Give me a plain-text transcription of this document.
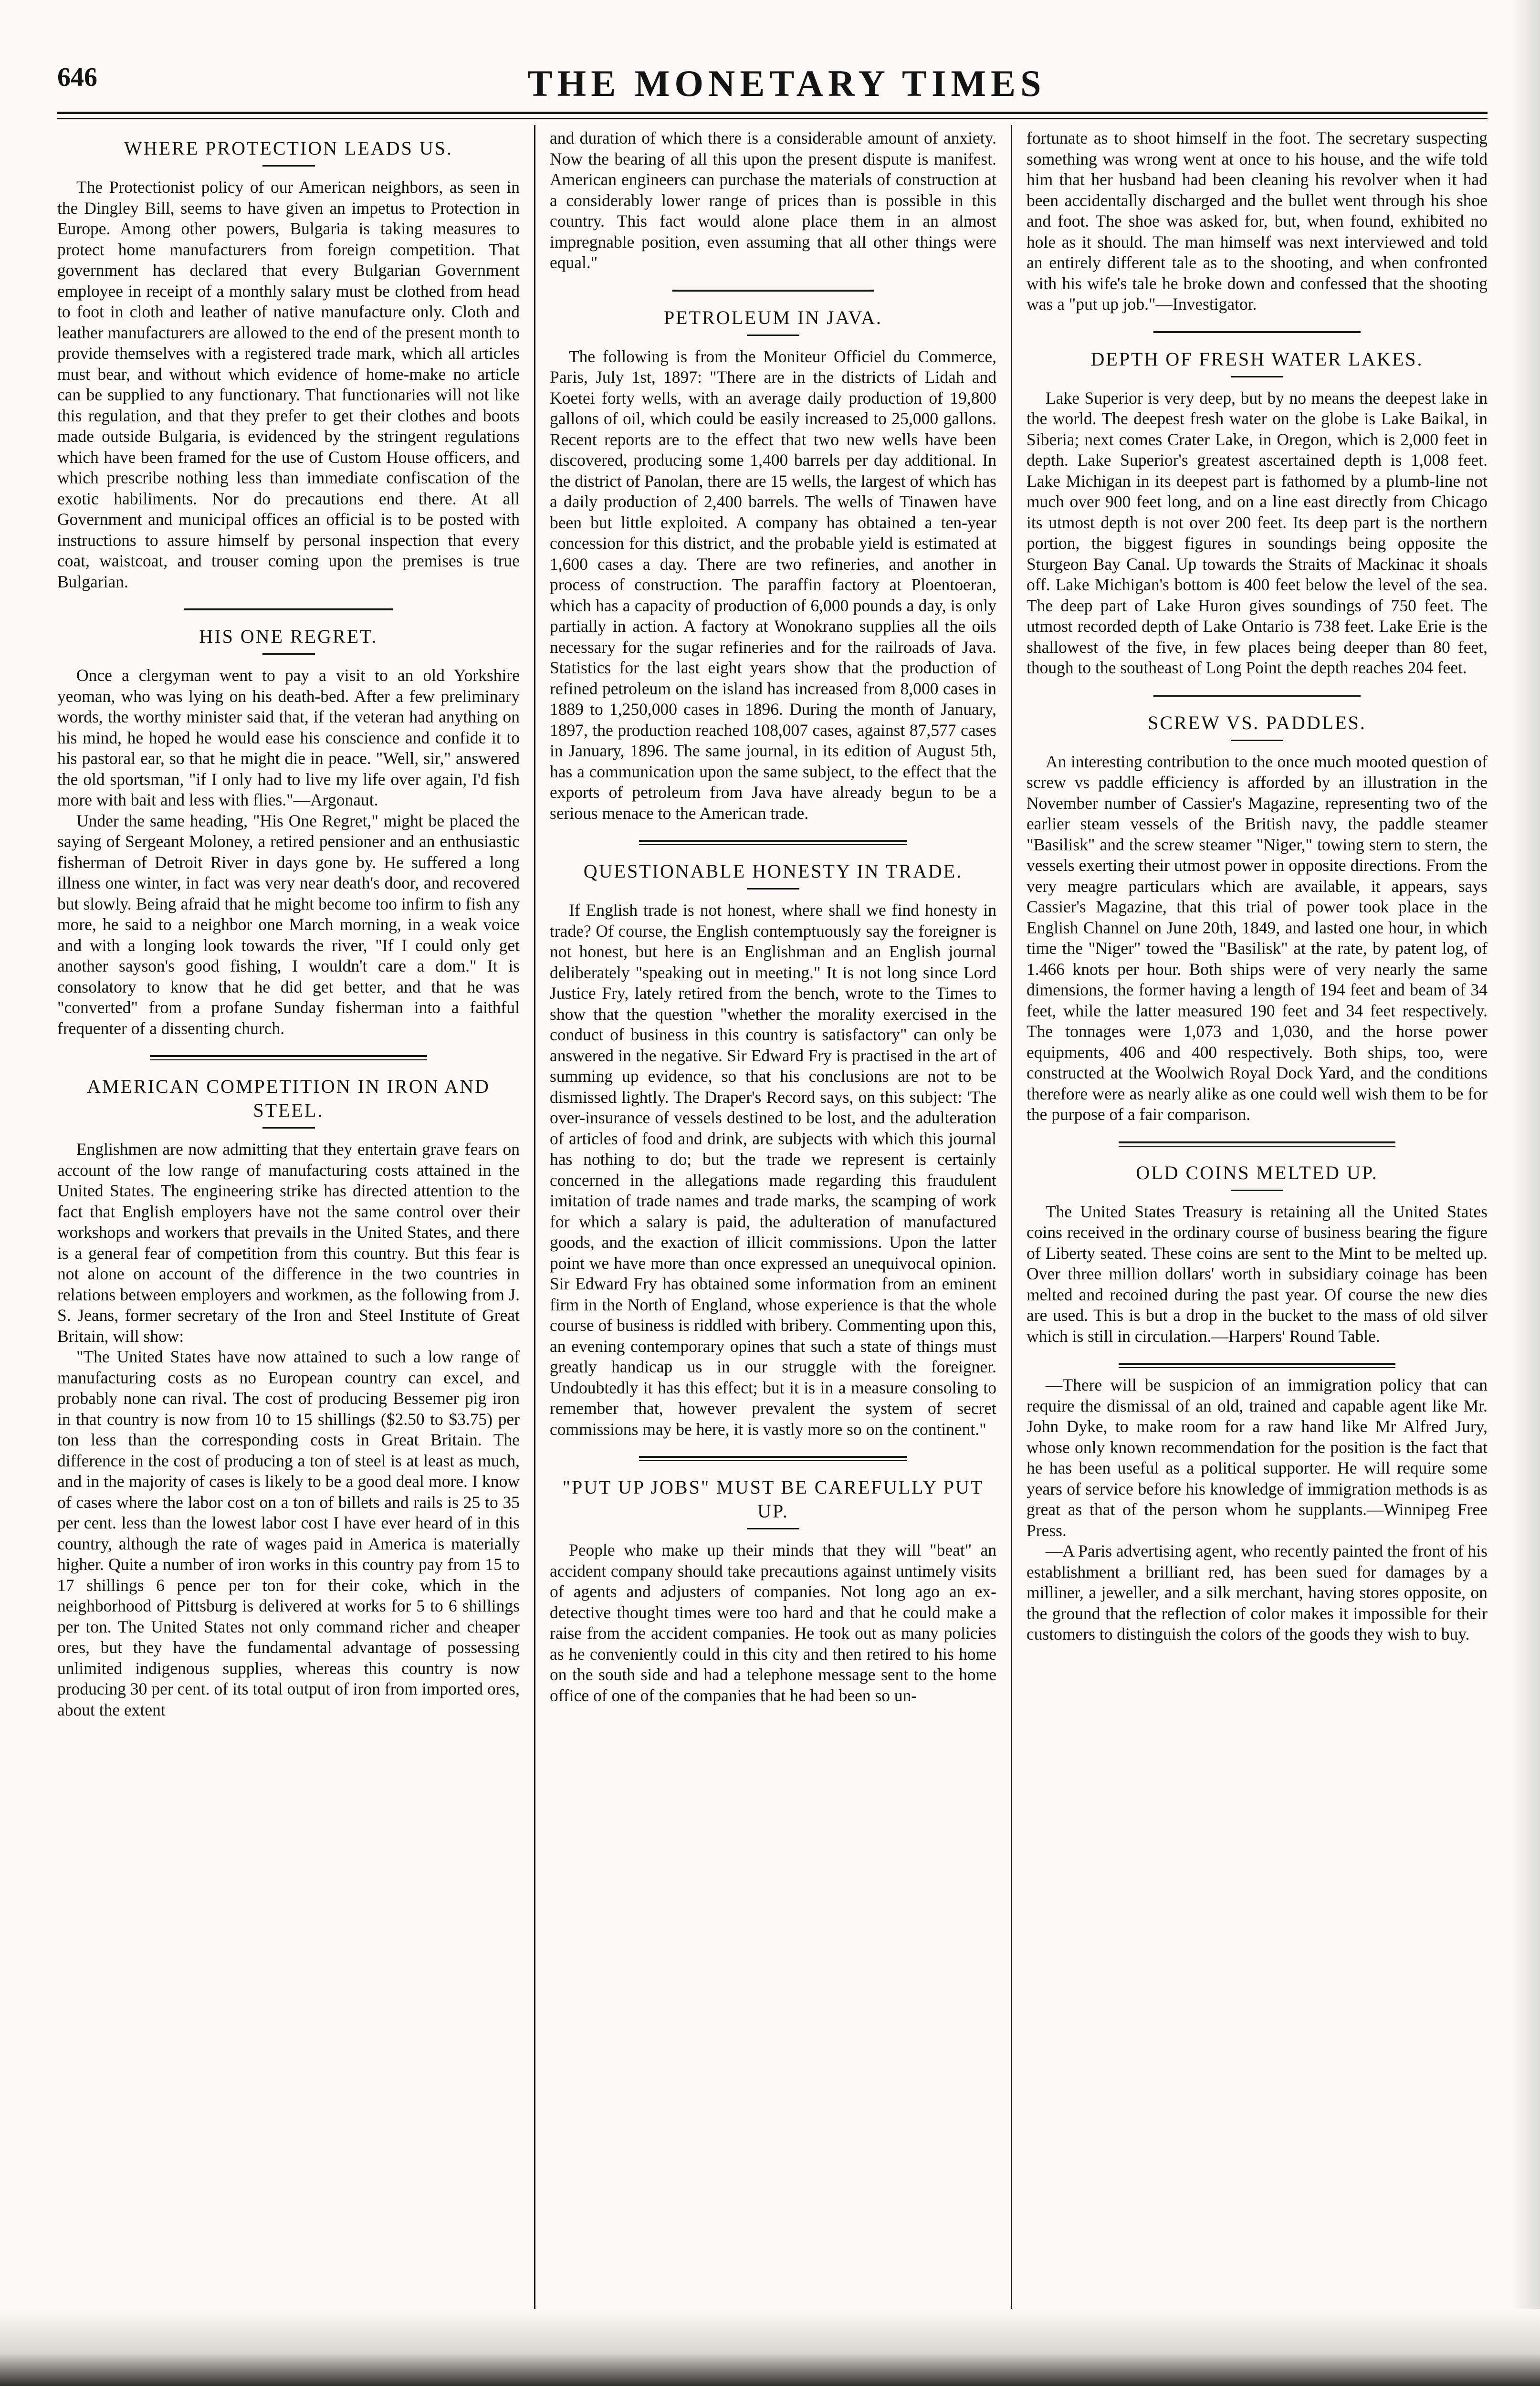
646	THE MONETARY TIMES
WHERE PROTECTION LEADS US.

The Protectionist policy of our American neighbors, as seen in the Dingley Bill, seems to have given an impetus to Protection in Europe. Among other powers, Bulgaria is taking measures to protect home manufacturers from foreign competition. That government has declared that every Bulgarian Government employee in receipt of a monthly salary must be clothed from head to foot in cloth and leather of native manufacture only. Cloth and leather manufacturers are allowed to the end of the present month to provide themselves with a registered trade mark, which all articles must bear, and without which evidence of home-make no article can be supplied to any functionary. That functionaries will not like this regulation, and that they prefer to get their clothes and boots made outside Bulgaria, is evidenced by the stringent regulations which have been framed for the use of Custom House officers, and which prescribe nothing less than immediate confiscation of the exotic habiliments. Nor do precautions end there. At all Government and municipal offices an official is to be posted with instructions to assure himself by personal inspection that every coat, waistcoat, and trouser coming upon the premises is true Bulgarian.

HIS ONE REGRET.

Once a clergyman went to pay a visit to an old Yorkshire yeoman, who was lying on his death-bed. After a few preliminary words, the worthy minister said that, if the veteran had anything on his mind, he hoped he would ease his conscience and confide it to his pastoral ear, so that he might die in peace. "Well, sir," answered the old sportsman, "if I only had to live my life over again, I'd fish more with bait and less with flies."—Argonaut.

Under the same heading, "His One Regret," might be placed the saying of Sergeant Moloney, a retired pensioner and an enthusiastic fisherman of Detroit River in days gone by. He suffered a long illness one winter, in fact was very near death's door, and recovered but slowly. Being afraid that he might become too infirm to fish any more, he said to a neighbor one March morning, in a weak voice and with a longing look towards the river, "If I could only get another sayson's good fishing, I wouldn't care a dom." It is consolatory to know that he did get better, and that he was "converted" from a profane Sunday fisherman into a faithful frequenter of a dissenting church.

AMERICAN COMPETITION IN IRON AND STEEL.

Englishmen are now admitting that they entertain grave fears on account of the low range of manufacturing costs attained in the United States. The engineering strike has directed attention to the fact that English employers have not the same control over their workshops and workers that prevails in the United States, and there is a general fear of competition from this country. But this fear is not alone on account of the difference in the two countries in relations between employers and workmen, as the following from J. S. Jeans, former secretary of the Iron and Steel Institute of Great Britain, will show:

"The United States have now attained to such a low range of manufacturing costs as no European country can excel, and probably none can rival. The cost of producing Bessemer pig iron in that country is now from 10 to 15 shillings ($2.50 to $3.75) per ton less than the corresponding costs in Great Britain. The difference in the cost of producing a ton of steel is at least as much, and in the majority of cases is likely to be a good deal more. I know of cases where the labor cost on a ton of billets and rails is 25 to 35 per cent. less than the lowest labor cost I have ever heard of in this country, although the rate of wages paid in America is materially higher. Quite a number of iron works in this country pay from 15 to 17 shillings 6 pence per ton for their coke, which in the neighborhood of Pittsburg is delivered at works for 5 to 6 shillings per ton. The United States not only command richer and cheaper ores, but they have the fundamental advantage of possessing unlimited indigenous supplies, whereas this country is now producing 30 per cent. of its total output of iron from imported ores, about the extent

and duration of which there is a considerable amount of anxiety. Now the bearing of all this upon the present dispute is manifest. American engineers can purchase the materials of construction at a considerably lower range of prices than is possible in this country. This fact would alone place them in an almost impregnable position, even assuming that all other things were equal."

PETROLEUM IN JAVA.

The following is from the Moniteur Officiel du Commerce, Paris, July 1st, 1897: "There are in the districts of Lidah and Koetei forty wells, with an average daily production of 19,800 gallons of oil, which could be easily increased to 25,000 gallons. Recent reports are to the effect that two new wells have been discovered, producing some 1,400 barrels per day additional. In the district of Panolan, there are 15 wells, the largest of which has a daily production of 2,400 barrels. The wells of Tinawen have been but little exploited. A company has obtained a ten-year concession for this district, and the probable yield is estimated at 1,600 cases a day. There are two refineries, and another in process of construction. The paraffin factory at Ploentoeran, which has a capacity of production of 6,000 pounds a day, is only partially in action. A factory at Wonokrano supplies all the oils necessary for the sugar refineries and for the railroads of Java. Statistics for the last eight years show that the production of refined petroleum on the island has increased from 8,000 cases in 1889 to 1,250,000 cases in 1896. During the month of January, 1897, the production reached 108,007 cases, against 87,577 cases in January, 1896. The same journal, in its edition of August 5th, has a communication upon the same subject, to the effect that the exports of petroleum from Java have already begun to be a serious menace to the American trade.

QUESTIONABLE HONESTY IN TRADE.

If English trade is not honest, where shall we find honesty in trade? Of course, the English contemptuously say the foreigner is not honest, but here is an Englishman and an English journal deliberately "speaking out in meeting." It is not long since Lord Justice Fry, lately retired from the bench, wrote to the Times to show that the question "whether the morality exercised in the conduct of business in this country is satisfactory" can only be answered in the negative. Sir Edward Fry is practised in the art of summing up evidence, so that his conclusions are not to be dismissed lightly. The Draper's Record says, on this subject: 'The over-insurance of vessels destined to be lost, and the adulteration of articles of food and drink, are subjects with which this journal has nothing to do; but the trade we represent is certainly concerned in the allegations made regarding this fraudulent imitation of trade names and trade marks, the scamping of work for which a salary is paid, the adulteration of manufactured goods, and the exaction of illicit commissions. Upon the latter point we have more than once expressed an unequivocal opinion. Sir Edward Fry has obtained some information from an eminent firm in the North of England, whose experience is that the whole course of business is riddled with bribery. Commenting upon this, an evening contemporary opines that such a state of things must greatly handicap us in our struggle with the foreigner. Undoubtedly it has this effect; but it is in a measure consoling to remember that, however prevalent the system of secret commissions may be here, it is vastly more so on the continent."

"PUT UP JOBS" MUST BE CAREFULLY PUT UP.

People who make up their minds that they will "beat" an accident company should take precautions against untimely visits of agents and adjusters of companies. Not long ago an ex-detective thought times were too hard and that he could make a raise from the accident companies. He took out as many policies as he conveniently could in this city and then retired to his home on the south side and had a telephone message sent to the home office of one of the companies that he had been so un-

fortunate as to shoot himself in the foot. The secretary suspecting something was wrong went at once to his house, and the wife told him that her husband had been cleaning his revolver when it had been accidentally discharged and the bullet went through his shoe and foot. The shoe was asked for, but, when found, exhibited no hole as it should. The man himself was next interviewed and told an entirely different tale as to the shooting, and when confronted with his wife's tale he broke down and confessed that the shooting was a "put up job."—Investigator.

DEPTH OF FRESH WATER LAKES.

Lake Superior is very deep, but by no means the deepest lake in the world. The deepest fresh water on the globe is Lake Baikal, in Siberia; next comes Crater Lake, in Oregon, which is 2,000 feet in depth. Lake Superior's greatest ascertained depth is 1,008 feet. Lake Michigan in its deepest part is fathomed by a plumb-line not much over 900 feet long, and on a line east directly from Chicago its utmost depth is not over 200 feet. Its deep part is the northern portion, the biggest figures in soundings being opposite the Sturgeon Bay Canal. Up towards the Straits of Mackinac it shoals off. Lake Michigan's bottom is 400 feet below the level of the sea. The deep part of Lake Huron gives soundings of 750 feet. The utmost recorded depth of Lake Ontario is 738 feet. Lake Erie is the shallowest of the five, in few places being deeper than 80 feet, though to the southeast of Long Point the depth reaches 204 feet.

SCREW VS. PADDLES.

An interesting contribution to the once much mooted question of screw vs paddle efficiency is afforded by an illustration in the November number of Cassier's Magazine, representing two of the earlier steam vessels of the British navy, the paddle steamer "Basilisk" and the screw steamer "Niger," towing stern to stern, the vessels exerting their utmost power in opposite directions. From the very meagre particulars which are available, it appears, says Cassier's Magazine, that this trial of power took place in the English Channel on June 20th, 1849, and lasted one hour, in which time the "Niger" towed the "Basilisk" at the rate, by patent log, of 1.466 knots per hour. Both ships were of very nearly the same dimensions, the former having a length of 194 feet and beam of 34 feet, while the latter measured 190 feet and 34 feet respectively. The tonnages were 1,073 and 1,030, and the horse power equipments, 406 and 400 respectively. Both ships, too, were constructed at the Woolwich Royal Dock Yard, and the conditions therefore were as nearly alike as one could well wish them to be for the purpose of a fair comparison.

OLD COINS MELTED UP.

The United States Treasury is retaining all the United States coins received in the ordinary course of business bearing the figure of Liberty seated. These coins are sent to the Mint to be melted up. Over three million dollars' worth in subsidiary coinage has been melted and recoined during the past year. Of course the new dies are used. This is but a drop in the bucket to the mass of old silver which is still in circulation.—Harpers' Round Table.

—There will be suspicion of an immigration policy that can require the dismissal of an old, trained and capable agent like Mr. John Dyke, to make room for a raw hand like Mr Alfred Jury, whose only known recommendation for the position is the fact that he has been useful as a political supporter. He will require some years of service before his knowledge of immigration methods is as great as that of the person whom he supplants.—Winnipeg Free Press.

—A Paris advertising agent, who recently painted the front of his establishment a brilliant red, has been sued for damages by a milliner, a jeweller, and a silk merchant, having stores opposite, on the ground that the reflection of color makes it impossible for their customers to distinguish the colors of the goods they wish to buy.
